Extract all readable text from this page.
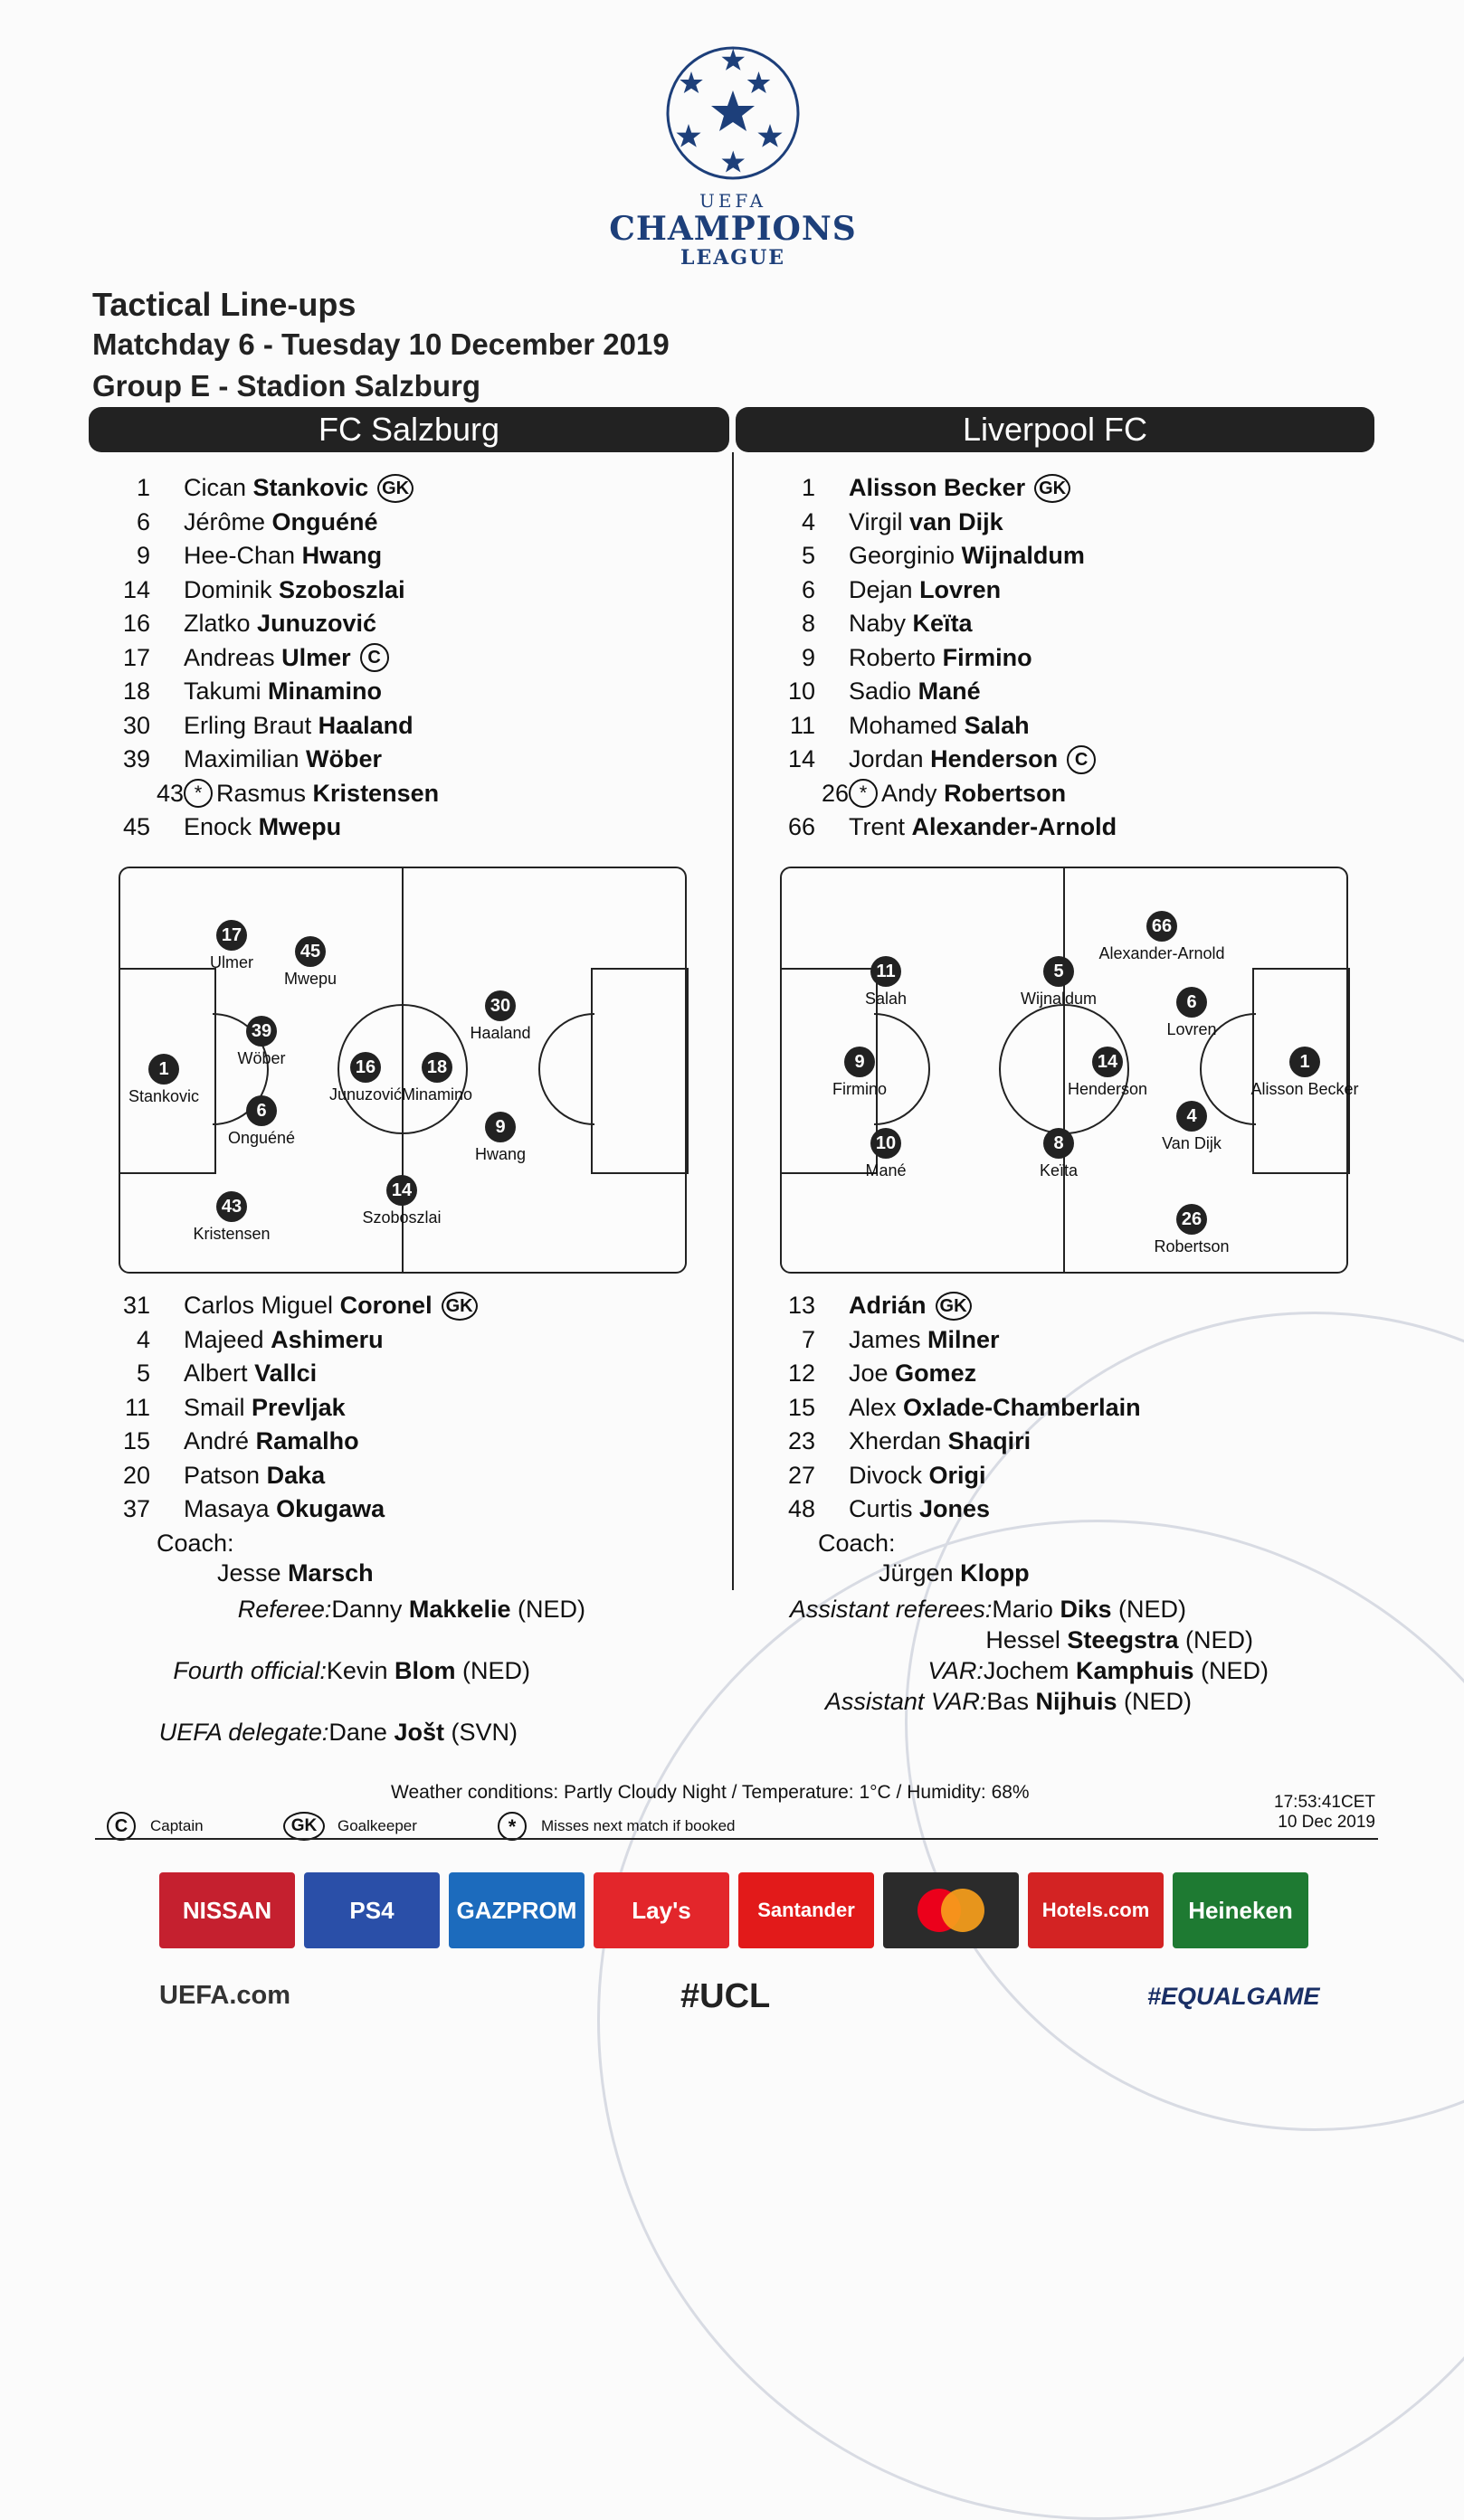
UEFA
CHAMPIONS
LEAGUE
Tactical Line-ups
Matchday 6 - Tuesday 10 December 2019
Group E - Stadion Salzburg
FC Salzburg	Liverpool FC
1	Cican Stankovic GK
6	Jérôme Onguéné
9	Hee-Chan Hwang
14	Dominik Szoboszlai
16	Zlatko Junuzović
17	Andreas Ulmer C
18	Takumi Minamino
30	Erling Braut Haaland
39	Maximilian Wöber
43 * Rasmus Kristensen
45	Enock Mwepu
1	Alisson Becker GK
4	Virgil van Dijk
5	Georginio Wijnaldum
6	Dejan Lovren
8	Naby Keïta
9	Roberto Firmino
10	Sadio Mané
11	Mohamed Salah
14	Jordan Henderson C
26 * Andy Robertson
66	Trent Alexander-Arnold
1
Stankovic
17
Ulmer
39
Wöber
6
Onguéné
43
Kristensen
45
Mwepu
16
Junuzović
18
Minamino
14
Szoboszlai
30
Haaland
9
Hwang
66
Alexander-Arnold
11
Salah
5
Wijnaldum	6
Lovren
9
Firmino
14
Henderson
1
Alisson Becker
4
Van Dijk
10
Mané
8
Keïta
26
Robertson
31	Carlos Miguel Coronel GK
4	Majeed Ashimeru
5	Albert Vallci
11	Smail Prevljak
15	André Ramalho
20	Patson Daka
37	Masaya Okugawa
13	Adrián GK
7	James Milner
12	Joe Gomez
15	Alex Oxlade-Chamberlain
23	Xherdan Shaqiri
27	Divock Origi
48	Curtis Jones
Coach:
Jesse Marsch
Coach:
Jürgen Klopp
Referee:Danny Makkelie (NED)
Fourth official:Kevin Blom (NED)
UEFA delegate:Dane Jošt (SVN)
Assistant referees:Mario Diks (NED)
Hessel Steegstra (NED)
VAR:Jochem Kamphuis (NED)
Assistant VAR:Bas Nijhuis (NED)
Weather conditions: Partly Cloudy Night / Temperature: 1°C / Humidity: 68%	17:53:41CET
10 Dec 2019
C	Captain	GK	Goalkeeper	*	Misses next match if booked
NISSAN	PS4	GAZPROM	Lay's	Santander	Hotels.com	Heineken
UEFA.com	#UCL	#EQUALGAME
